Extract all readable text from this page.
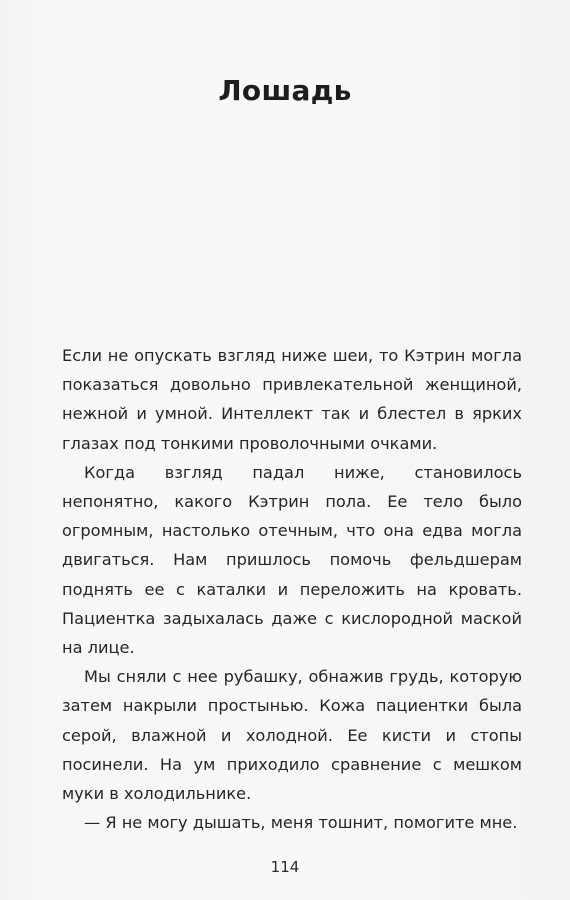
Лошадь

Если не опускать взгляд ниже шеи, то Кэтрин могла показаться довольно привлекательной женщиной, нежной и умной. Интеллект так и блестел в ярких глазах под тонкими проволочными очками.

Когда взгляд падал ниже, становилось непонятно, какого Кэтрин пола. Ее тело было огромным, настолько отечным, что она едва могла двигаться. Нам пришлось помочь фельдшерам поднять ее с каталки и переложить на кровать. Пациентка задыхалась даже с кислородной маской на лице.

Мы сняли с нее рубашку, обнажив грудь, которую затем накрыли простынью. Кожа пациентки была серой, влажной и холодной. Ее кисти и стопы посинели. На ум приходило сравнение с мешком муки в холодильнике.

— Я не могу дышать, меня тошнит, помогите мне.

114
